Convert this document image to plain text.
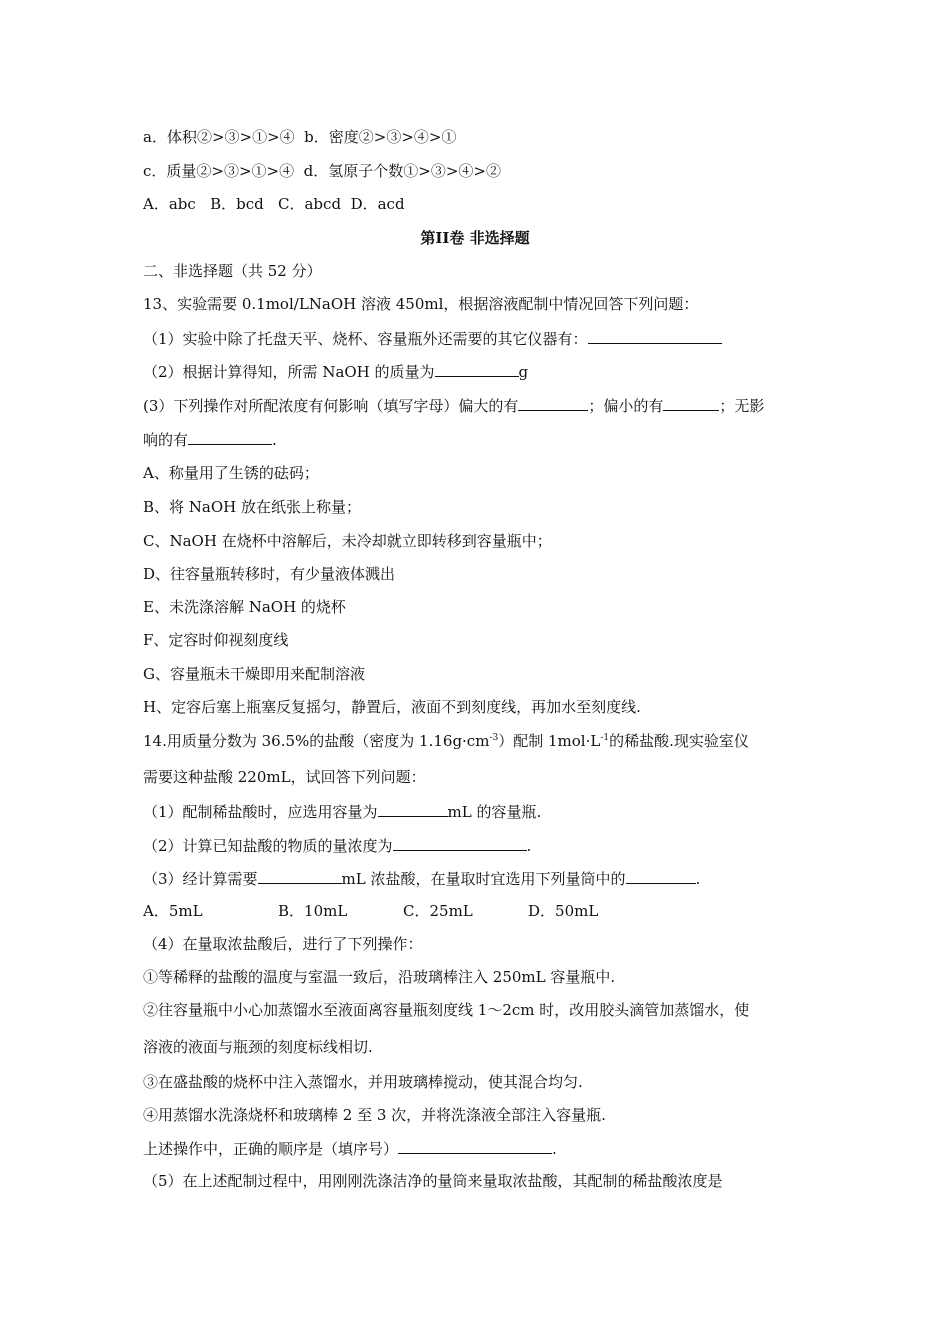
a．体积②>③>①>④  b．密度②>③>④>①
c．质量②>③>①>④  d．氢原子个数①>③>④>②
A．abc   B．bcd   C．abcd  D．acd
第II卷 非选择题
二、非选择题（共 52 分）
13、实验需要 0.1mol/LNaOH 溶液 450ml，根据溶液配制中情况回答下列问题：
（1）实验中除了托盘天平、烧杯、容量瓶外还需要的其它仪器有：
（2）根据计算得知，所需 NaOH 的质量为	g
(3）下列操作对所配浓度有何影响（填写字母）偏大的有	；偏小的有	；无影
响的有	.
A、称量用了生锈的砝码；
B、将 NaOH 放在纸张上称量；
C、NaOH 在烧杯中溶解后，未冷却就立即转移到容量瓶中；
D、往容量瓶转移时，有少量液体溅出
E、未洗涤溶解 NaOH 的烧杯
F、定容时仰视刻度线
G、容量瓶未干燥即用来配制溶液
H、定容后塞上瓶塞反复摇匀，静置后，液面不到刻度线，再加水至刻度线.
14.用质量分数为 36.5%的盐酸（密度为 $1.16g\cdot cm^{-3}$）配制 $1mol\cdot L^{-1}$的稀盐酸.现实验室仪
需要这种盐酸 220mL，试回答下列问题：
（1）配制稀盐酸时，应选用容量为	mL 的容量瓶.
（2）计算已知盐酸的物质的量浓度为	.
（3）经计算需要	mL 浓盐酸，在量取时宜选用下列量筒中的	.
A．5mL	B．10mL	C．25mL	D．50mL
（4）在量取浓盐酸后，进行了下列操作：
①等稀释的盐酸的温度与室温一致后，沿玻璃棒注入 250mL 容量瓶中.
②往容量瓶中小心加蒸馏水至液面离容量瓶刻度线 1～2cm 时，改用胶头滴管加蒸馏水，使
溶液的液面与瓶颈的刻度标线相切.
③在盛盐酸的烧杯中注入蒸馏水，并用玻璃棒搅动，使其混合均匀.
④用蒸馏水洗涤烧杯和玻璃棒 2 至 3 次，并将洗涤液全部注入容量瓶.
上述操作中，正确的顺序是（填序号）	.
（5）在上述配制过程中，用刚刚洗涤洁净的量筒来量取浓盐酸，其配制的稀盐酸浓度是
